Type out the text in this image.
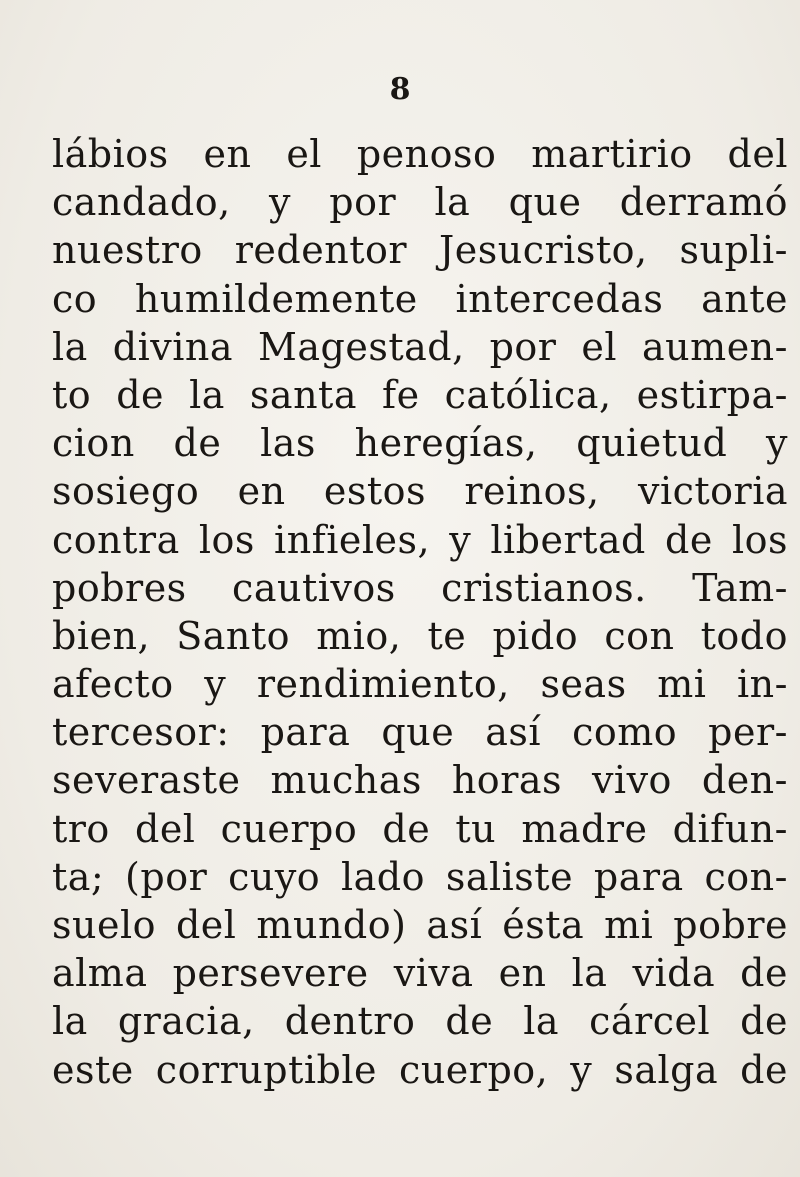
8
lábios en el penoso martirio del
candado, y por la que derramó
nuestro redentor Jesucristo, supli-
co humildemente intercedas ante
la divina Magestad, por el aumen-
to de la santa fe católica, estirpa-
cion de las heregías, quietud y
sosiego en estos reinos, victoria
contra los infieles, y libertad de los
pobres cautivos cristianos. Tam-
bien, Santo mio, te pido con todo
afecto y rendimiento, seas mi in-
tercesor: para que así como per-
severaste muchas horas vivo den-
tro del cuerpo de tu madre difun-
ta; (por cuyo lado saliste para con-
suelo del mundo) así ésta mi pobre
alma persevere viva en la vida de
la gracia, dentro de la cárcel de
este corruptible cuerpo, y salga de
